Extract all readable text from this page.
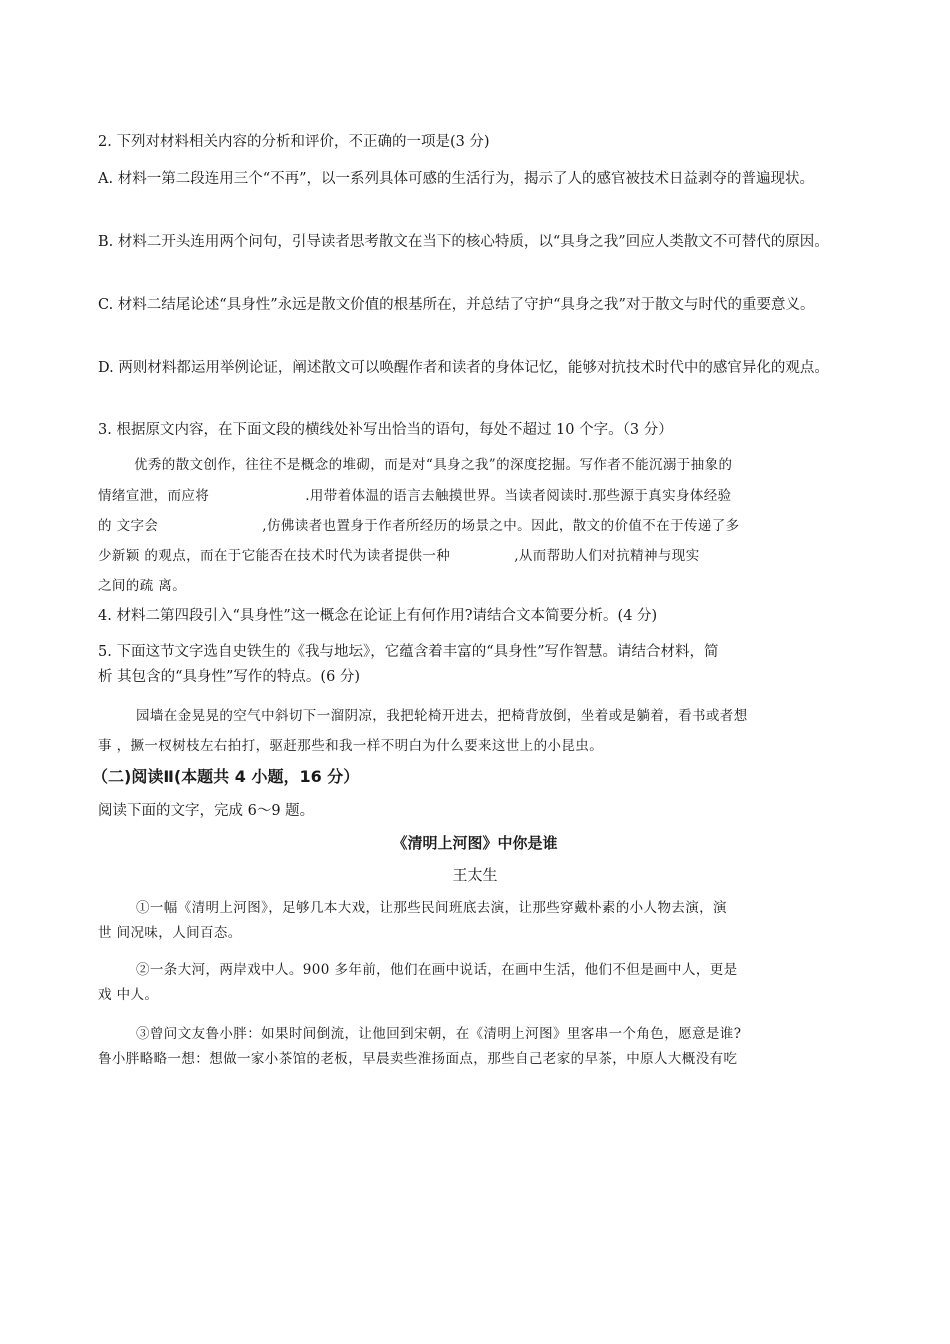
2. 下列对材料相关内容的分析和评价，不正确的一项是(3 分)
A. 材料一第二段连用三个“不再”，以一系列具体可感的生活行为，揭示了人的感官被技术日益剥夺的普遍现状。
B. 材料二开头连用两个问句，引导读者思考散文在当下的核心特质，以“具身之我”回应人类散文不可替代的原因。
C. 材料二结尾论述“具身性”永远是散文价值的根基所在，并总结了守护“具身之我”对于散文与时代的重要意义。
D. 两则材料都运用举例论证，阐述散文可以唤醒作者和读者的身体记忆，能够对抗技术时代中的感官异化的观点。
3. 根据原文内容，在下面文段的横线处补写出恰当的语句，每处不超过 10 个字。（3 分）
优秀的散文创作，往往不是概念的堆砌，而是对“具身之我”的深度挖掘。写作者不能沉溺于抽象的
情绪宣泄，而应将	.用带着体温的语言去触摸世界。当读者阅读时.那些源于真实身体经验
的 文字会	,仿佛读者也置身于作者所经历的场景之中。因此，散文的价值不在于传递了多
少新颖 的观点，而在于它能否在技术时代为读者提供一种	,从而帮助人们对抗精神与现实
之间的疏 离。
4. 材料二第四段引入“具身性”这一概念在论证上有何作用?请结合文本简要分析。(4 分)
5. 下面这节文字选自史铁生的《我与地坛》，它蕴含着丰富的“具身性”写作智慧。请结合材料，简
析 其包含的“具身性”写作的特点。(6 分)
园墙在金晃晃的空气中斜切下一溜阴凉，我把轮椅开进去，把椅背放倒，坐着或是躺着，看书或者想
事 ，撅一杈树枝左右拍打，驱赶那些和我一样不明白为什么要来这世上的小昆虫。
（二)阅读Ⅱ(本题共 4 小题，16 分）
阅读下面的文字，完成 6～9 题。
《清明上河图》中你是谁
王太生
①一幅《清明上河图》，足够几本大戏，让那些民间班底去演，让那些穿戴朴素的小人物去演，演
世 间况味，人间百态。
②一条大河，两岸戏中人。900 多年前，他们在画中说话，在画中生活，他们不但是画中人，更是
戏 中人。
③曾问文友鲁小胖：如果时间倒流，让他回到宋朝，在《清明上河图》里客串一个角色，愿意是谁?
鲁小胖略略一想：想做一家小茶馆的老板，早晨卖些淮扬面点，那些自己老家的早茶，中原人大概没有吃
